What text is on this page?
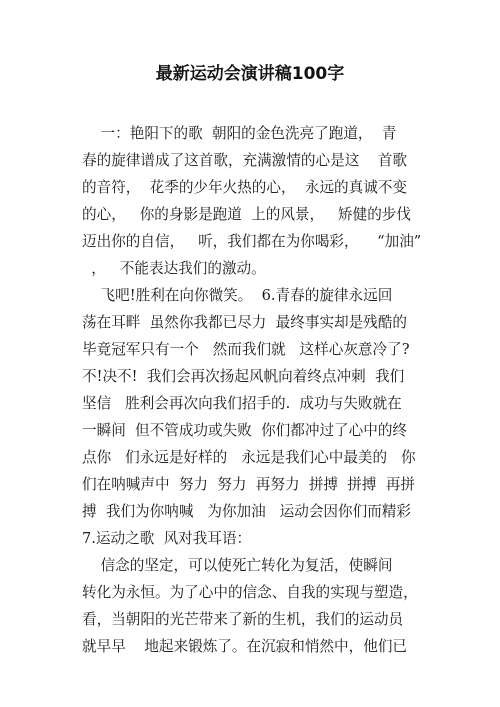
最新运动会演讲稿100字
一：艳阳下的歌  朝阳的金色洗亮了跑道，  青
春的旋律谱成了这首歌，充满激情的心是这    首歌
的音符，  花季的少年火热的心，  永远的真诚不变
的心，   你的身影是跑道  上的风景，   矫健的步伐
迈出你的自信，   听，我们都在为你喝彩，    “加油”
，   不能表达我们的激动。
飞吧!胜利在向你微笑。  6.青春的旋律永远回
荡在耳畔  虽然你我都已尽力  最终事实却是残酷的
毕竟冠军只有一个   然而我们就   这样心灰意冷了?
不!决不!  我们会再次扬起风帆向着终点冲刺  我们
坚信   胜利会再次向我们招手的.  成功与失败就在
一瞬间  但不管成功或失败  你们都冲过了心中的终
点你   们永远是好样的   永远是我们心中最美的   你
们在呐喊声中  努力  努力  再努力  拼搏  拼搏  再拼
搏  我们为你呐喊   为你加油   运动会因你们而精彩
7.运动之歌  风对我耳语：
信念的坚定，可以使死亡转化为复活，使瞬间
转化为永恒。为了心中的信念、自我的实现与塑造，
看，当朝阳的光芒带来了新的生机，我们的运动员
就早早    地起来锻炼了。在沉寂和悄然中，他们已
